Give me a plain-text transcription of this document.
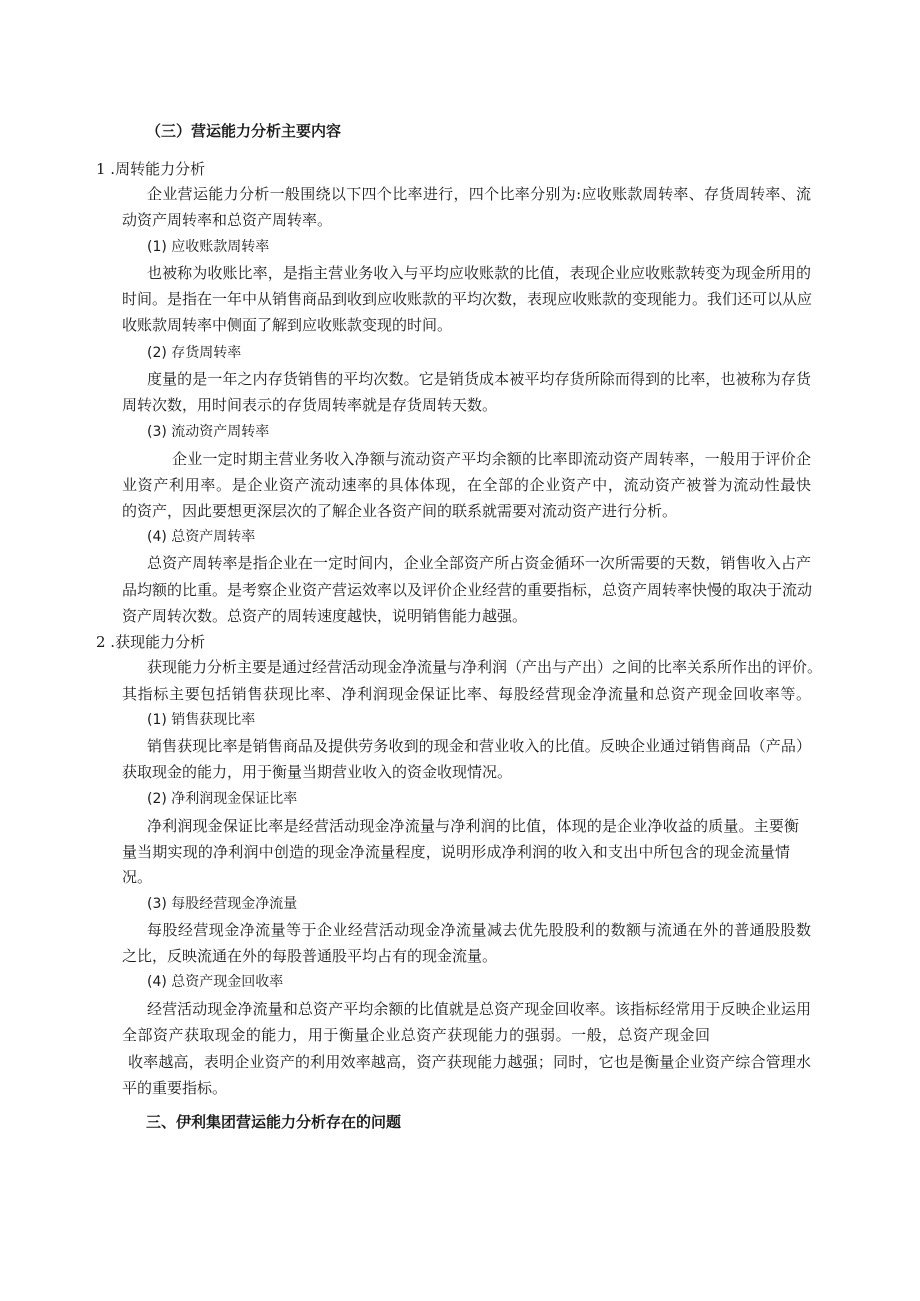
（三）营运能力分析主要内容
1 .周转能力分析
企业营运能力分析一般围绕以下四个比率进行，四个比率分别为:应收账款周转率、存货周转率、流
动资产周转率和总资产周转率。
(1) 应收账款周转率
也被称为收账比率，是指主营业务收入与平均应收账款的比值，表现企业应收账款转变为现金所用的
时间。是指在一年中从销售商品到收到应收账款的平均次数，表现应收账款的变现能力。我们还可以从应
收账款周转率中侧面了解到应收账款变现的时间。
(2) 存货周转率
度量的是一年之内存货销售的平均次数。它是销货成本被平均存货所除而得到的比率，也被称为存货
周转次数，用时间表示的存货周转率就是存货周转天数。
(3) 流动资产周转率
企业一定时期主营业务收入净额与流动资产平均余额的比率即流动资产周转率，一般用于评价企
业资产利用率。是企业资产流动速率的具体体现，在全部的企业资产中，流动资产被誉为流动性最快
的资产，因此要想更深层次的了解企业各资产间的联系就需要对流动资产进行分析。
(4) 总资产周转率
总资产周转率是指企业在一定时间内，企业全部资产所占资金循环一次所需要的天数，销售收入占产
品均额的比重。是考察企业资产营运效率以及评价企业经营的重要指标，总资产周转率快慢的取决于流动
资产周转次数。总资产的周转速度越快，说明销售能力越强。
2 .获现能力分析
获现能力分析主要是通过经营活动现金净流量与净利润（产出与产出）之间的比率关系所作出的评价。
其指标主要包括销售获现比率、净利润现金保证比率、每股经营现金净流量和总资产现金回收率等。
(1) 销售获现比率
销售获现比率是销售商品及提供劳务收到的现金和营业收入的比值。反映企业通过销售商品（产品）
获取现金的能力，用于衡量当期营业收入的资金收现情况。
(2) 净利润现金保证比率
净利润现金保证比率是经营活动现金净流量与净利润的比值，体现的是企业净收益的质量。主要衡
量当期实现的净利润中创造的现金净流量程度，说明形成净利润的收入和支出中所包含的现金流量情
况。
(3) 每股经营现金净流量
每股经营现金净流量等于企业经营活动现金净流量减去优先股股利的数额与流通在外的普通股股数
之比，反映流通在外的每股普通股平均占有的现金流量。
(4) 总资产现金回收率
经营活动现金净流量和总资产平均余额的比值就是总资产现金回收率。该指标经常用于反映企业运用
全部资产获取现金的能力，用于衡量企业总资产获现能力的强弱。一般，总资产现金回
收率越高，表明企业资产的利用效率越高，资产获现能力越强；同时，它也是衡量企业资产综合管理水
平的重要指标。
三、伊利集团营运能力分析存在的问题
